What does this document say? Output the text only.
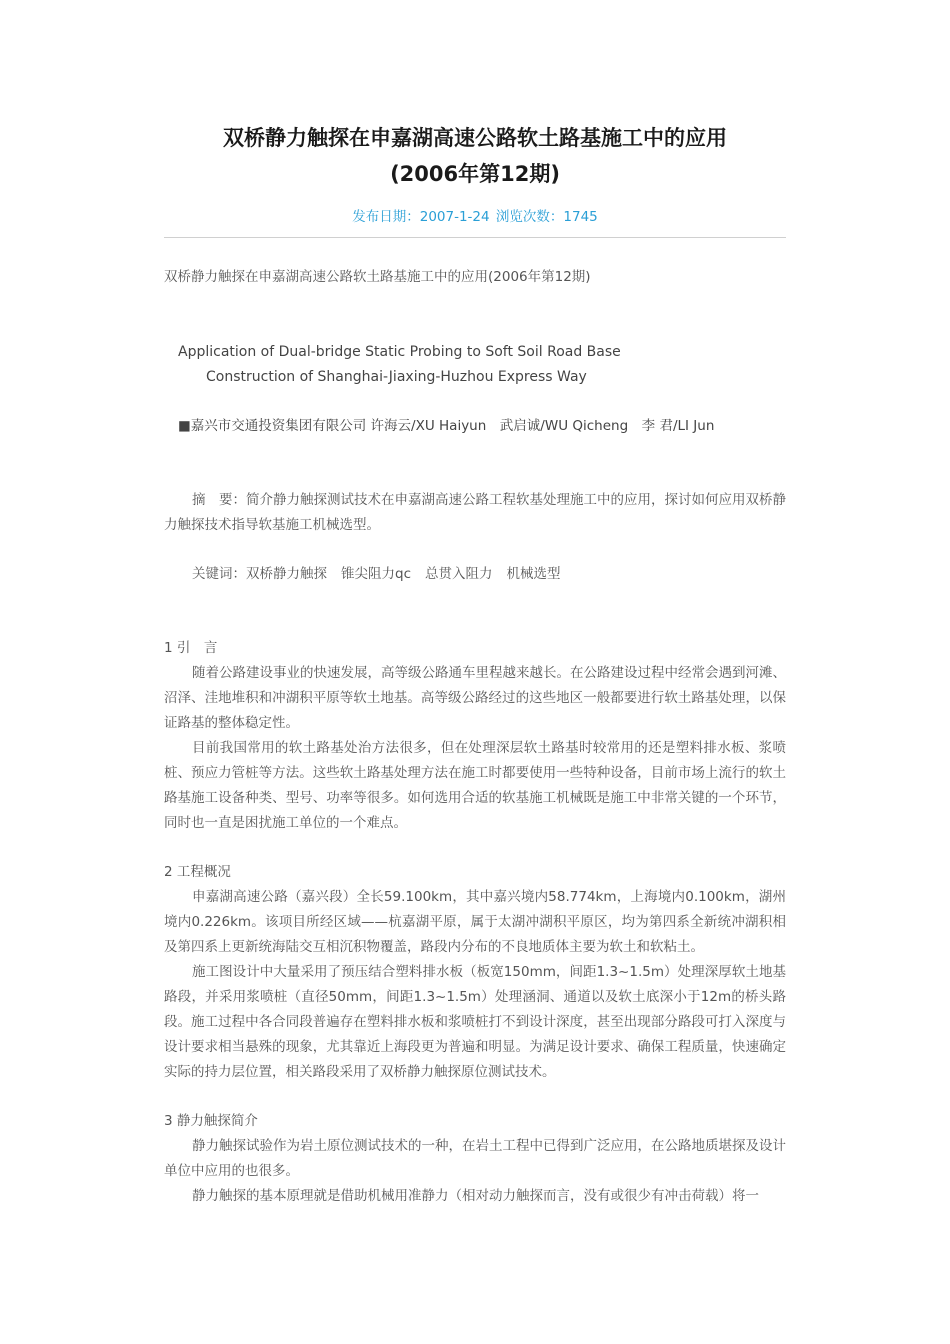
双桥静力触探在申嘉湖高速公路软土路基施工中的应用
(2006年第12期)
发布日期：2007-1-24 浏览次数：1745
双桥静力触探在申嘉湖高速公路软土路基施工中的应用(2006年第12期)
Application of Dual-bridge Static Probing to Soft Soil Road Base
Construction of Shanghai-Jiaxing-Huzhou Express Way
■嘉兴市交通投资集团有限公司 许海云/XU Haiyun　武启诚/WU Qicheng　李 君/LI Jun

摘　要：简介静力触探测试技术在申嘉湖高速公路工程软基处理施工中的应用，探讨如何应用双桥静力触探技术指导软基施工机械选型。

关键词：双桥静力触探 锥尖阻力qc 总贯入阻力 机械选型

1 引　言

随着公路建设事业的快速发展，高等级公路通车里程越来越长。在公路建设过程中经常会遇到河滩、沼泽、洼地堆积和冲湖积平原等软土地基。高等级公路经过的这些地区一般都要进行软土路基处理，以保证路基的整体稳定性。

目前我国常用的软土路基处治方法很多，但在处理深层软土路基时较常用的还是塑料排水板、浆喷桩、预应力管桩等方法。这些软土路基处理方法在施工时都要使用一些特种设备，目前市场上流行的软土路基施工设备种类、型号、功率等很多。如何选用合适的软基施工机械既是施工中非常关键的一个环节，同时也一直是困扰施工单位的一个难点。

2 工程概况

申嘉湖高速公路（嘉兴段）全长59.100km，其中嘉兴境内58.774km，上海境内0.100km，湖州境内0.226km。该项目所经区域——杭嘉湖平原，属于太湖冲湖积平原区，均为第四系全新统冲湖积相及第四系上更新统海陆交互相沉积物覆盖，路段内分布的不良地质体主要为软土和软粘土。

施工图设计中大量采用了预压结合塑料排水板（板宽150mm，间距1.3~1.5m）处理深厚软土地基路段，并采用浆喷桩（直径50mm，间距1.3~1.5m）处理涵洞、通道以及软土底深小于12m的桥头路段。施工过程中各合同段普遍存在塑料排水板和浆喷桩打不到设计深度，甚至出现部分路段可打入深度与设计要求相当悬殊的现象，尤其靠近上海段更为普遍和明显。为满足设计要求、确保工程质量，快速确定实际的持力层位置，相关路段采用了双桥静力触探原位测试技术。

3 静力触探简介

静力触探试验作为岩土原位测试技术的一种，在岩土工程中已得到广泛应用，在公路地质堪探及设计单位中应用的也很多。

静力触探的基本原理就是借助机械用准静力（相对动力触探而言，没有或很少有冲击荷载）将一
